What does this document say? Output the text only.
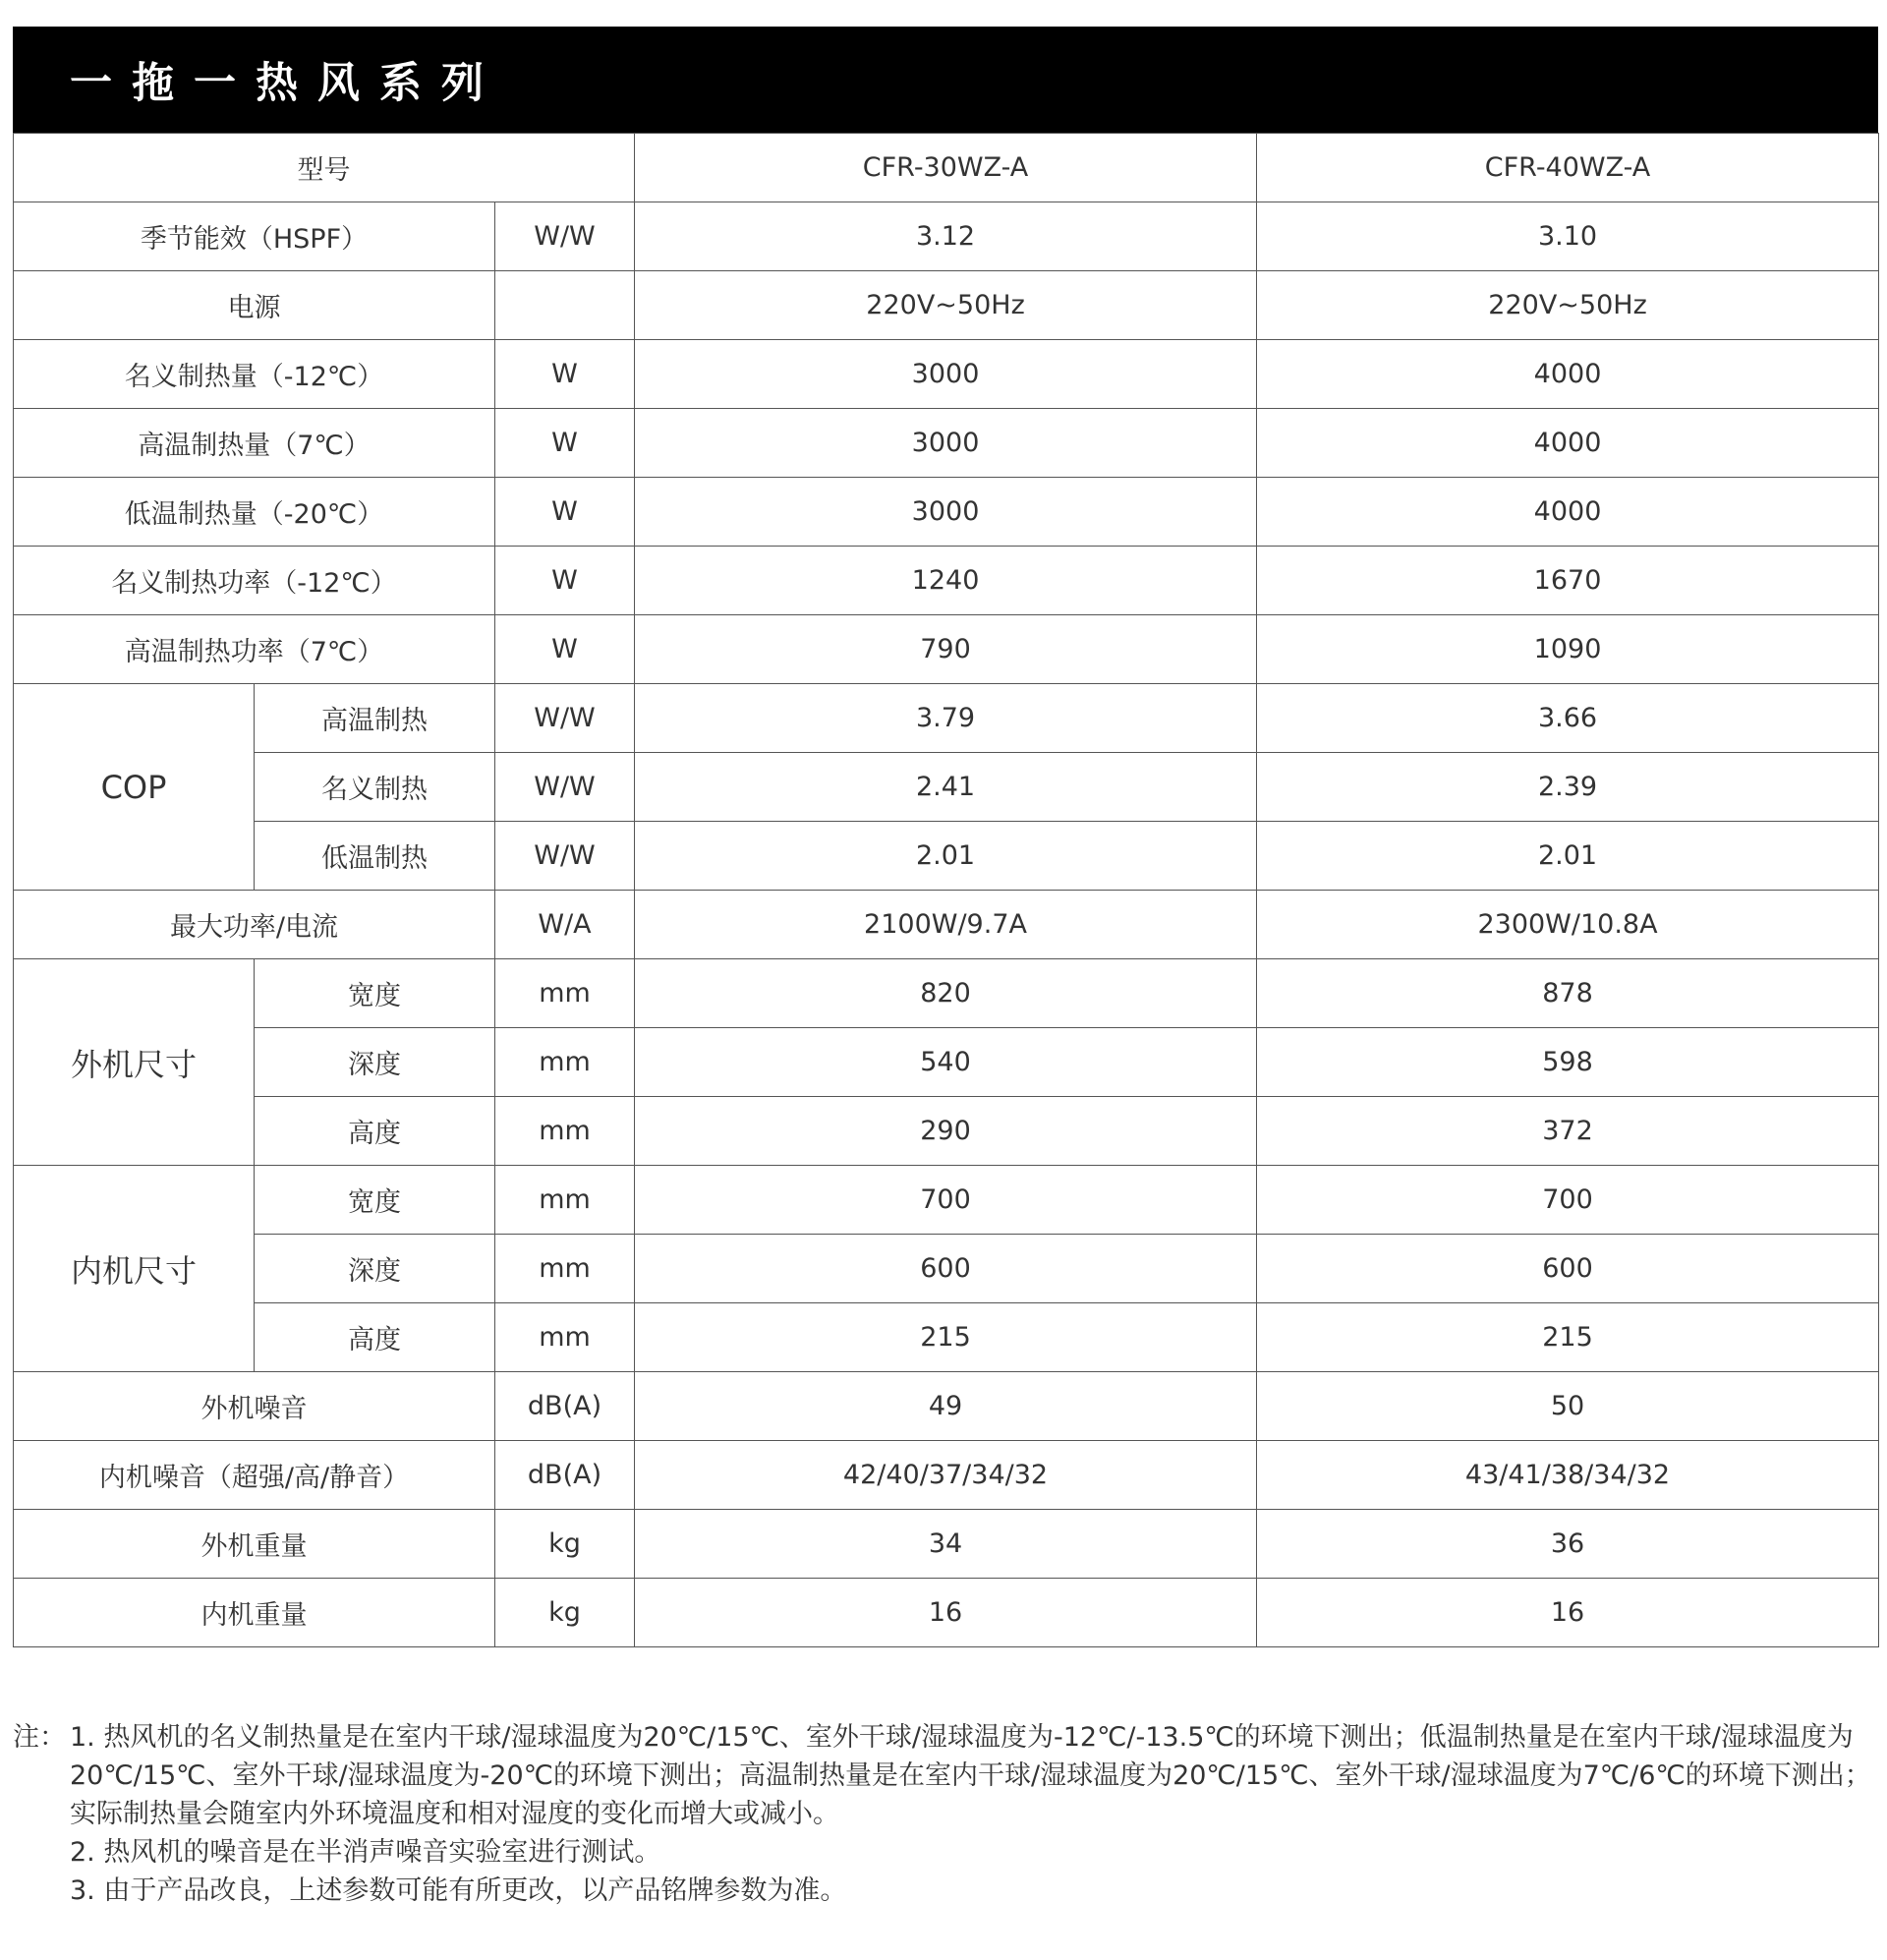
一拖一热风系列
型号			CFR-30WZ-A	CFR-40WZ-A
季节能效（HSPF）		W/W	3.12	3.10
电源			220V~50Hz	220V~50Hz
名义制热量（-12℃）		W	3000	4000
高温制热量（7℃）		W	3000	4000
低温制热量（-20℃）		W	3000	4000
名义制热功率（-12℃）		W	1240	1670
高温制热功率（7℃）		W	790	1090
COP	高温制热	W/W	3.79	3.66
	名义制热	W/W	2.41	2.39
	低温制热	W/W	2.01	2.01
最大功率/电流		W/A	2100W/9.7A	2300W/10.8A
外机尺寸	宽度	mm	820	878
	深度	mm	540	598
	高度	mm	290	372
内机尺寸	宽度	mm	700	700
	深度	mm	600	600
	高度	mm	215	215
外机噪音		dB(A)	49	50
内机噪音（超强/高/静音）		dB(A)	42/40/37/34/32	43/41/38/34/32
外机重量		kg	34	36
内机重量		kg	16	16
注： 1. 热风机的名义制热量是在室内干球/湿球温度为20℃/15℃、室外干球/湿球温度为-12℃/-13.5℃的环境下测出；低温制热量是在室内干球/湿球温度为20℃/15℃、室外干球/湿球温度为-20℃的环境下测出；高温制热量是在室内干球/湿球温度为20℃/15℃、室外干球/湿球温度为7℃/6℃的环境下测出；实际制热量会随室内外环境温度和相对湿度的变化而增大或减小。
2. 热风机的噪音是在半消声噪音实验室进行测试。
3. 由于产品改良，上述参数可能有所更改，以产品铭牌参数为准。
